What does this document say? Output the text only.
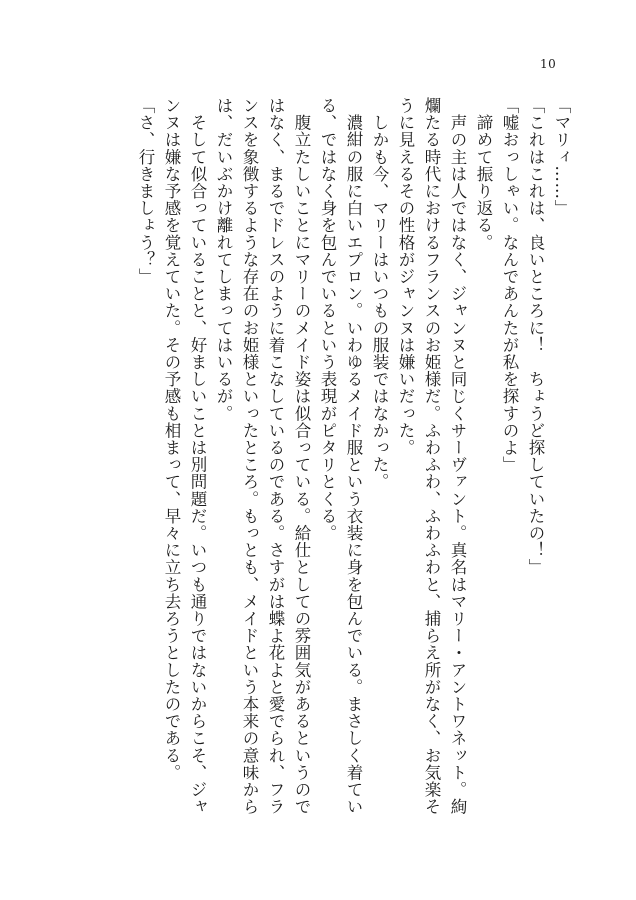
10
「マリィ……」
「これはこれは、良いところに！　ちょうど探していたの！」
「嘘おっしゃい。なんであんたが私を探すのよ」
　諦めて振り返る。
　声の主は人ではなく、ジャンヌと同じくサーヴァント。真名はマリー・アントワネット。絢
爛たる時代におけるフランスのお姫様だ。ふわふわ、ふわふわと、捕らえ所がなく、お気楽そ
うに見えるその性格がジャンヌは嫌いだった。
　しかも今、マリーはいつもの服装ではなかった。
　濃紺の服に白いエプロン。いわゆるメイド服という衣装に身を包んでいる。まさしく着てい
る、ではなく身を包んでいるという表現がピタリとくる。
　腹立たしいことにマリーのメイド姿は似合っている。給仕としての雰囲気があるというので
はなく、まるでドレスのように着こなしているのである。さすがは蝶よ花よと愛でられ、フラ
ンスを象徴するような存在のお姫様といったところ。もっとも、メイドという本来の意味から
は、だいぶかけ離れてしまってはいるが。
　そして似合っていることと、好ましいことは別問題だ。いつも通りではないからこそ、ジャ
ンヌは嫌な予感を覚えていた。その予感も相まって、早々に立ち去ろうとしたのである。
「さ、行きましょう？」
